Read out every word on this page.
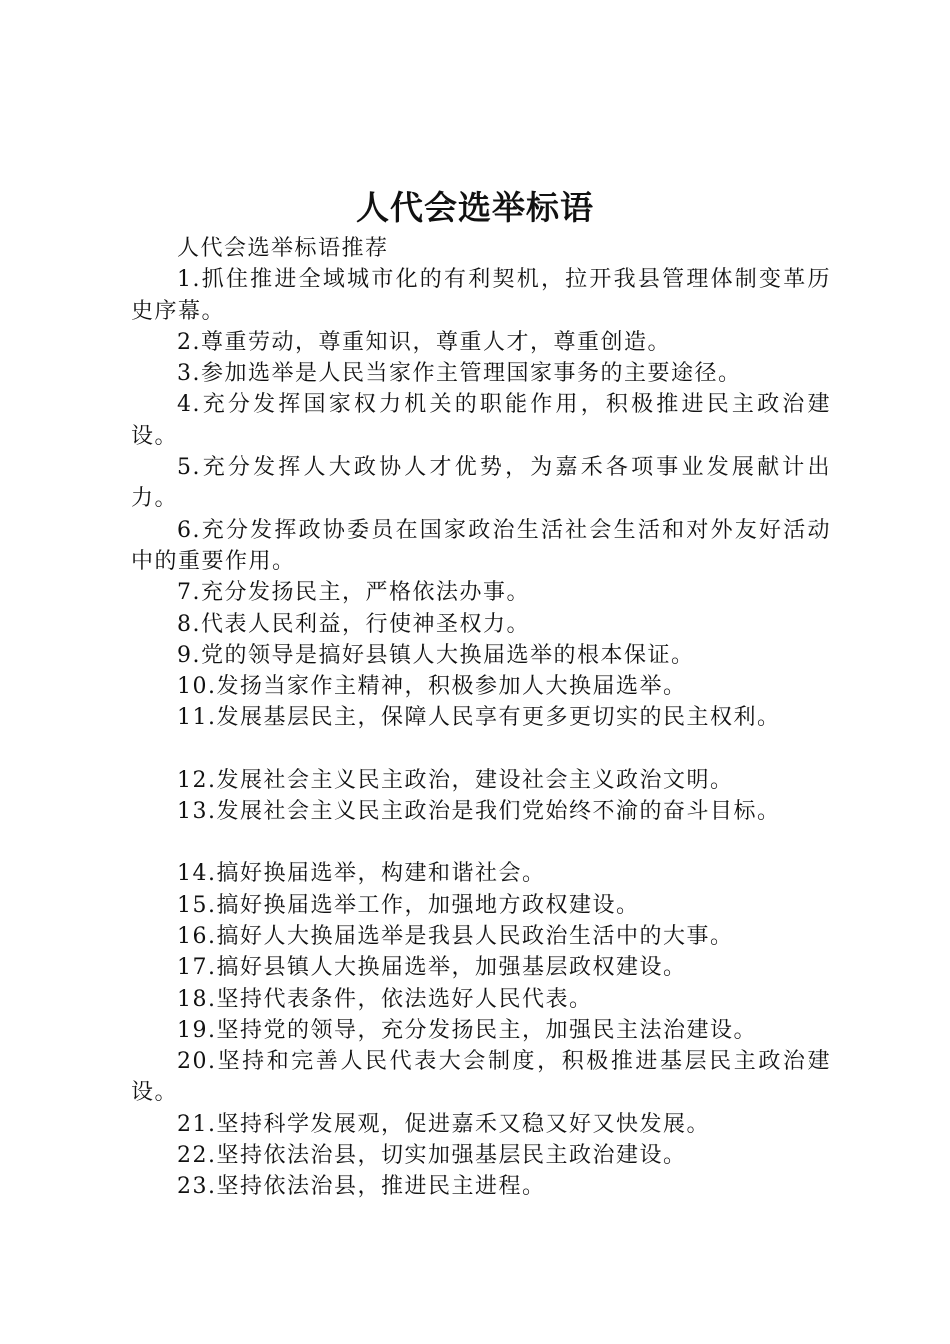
人代会选举标语

人代会选举标语推荐

1.抓住推进全域城市化的有利契机，拉开我县管理体制变革历史序幕。

2.尊重劳动，尊重知识，尊重人才，尊重创造。

3.参加选举是人民当家作主管理国家事务的主要途径。

4.充分发挥国家权力机关的职能作用，积极推进民主政治建设。

5.充分发挥人大政协人才优势，为嘉禾各项事业发展献计出力。

6.充分发挥政协委员在国家政治生活社会生活和对外友好活动中的重要作用。

7.充分发扬民主，严格依法办事。

8.代表人民利益，行使神圣权力。

9.党的领导是搞好县镇人大换届选举的根本保证。

10.发扬当家作主精神，积极参加人大换届选举。

11.发展基层民主，保障人民享有更多更切实的民主权利。

12.发展社会主义民主政治，建设社会主义政治文明。

13.发展社会主义民主政治是我们党始终不渝的奋斗目标。

14.搞好换届选举，构建和谐社会。

15.搞好换届选举工作，加强地方政权建设。

16.搞好人大换届选举是我县人民政治生活中的大事。

17.搞好县镇人大换届选举，加强基层政权建设。

18.坚持代表条件，依法选好人民代表。

19.坚持党的领导，充分发扬民主，加强民主法治建设。

20.坚持和完善人民代表大会制度，积极推进基层民主政治建设。

21.坚持科学发展观，促进嘉禾又稳又好又快发展。

22.坚持依法治县，切实加强基层民主政治建设。

23.坚持依法治县，推进民主进程。
